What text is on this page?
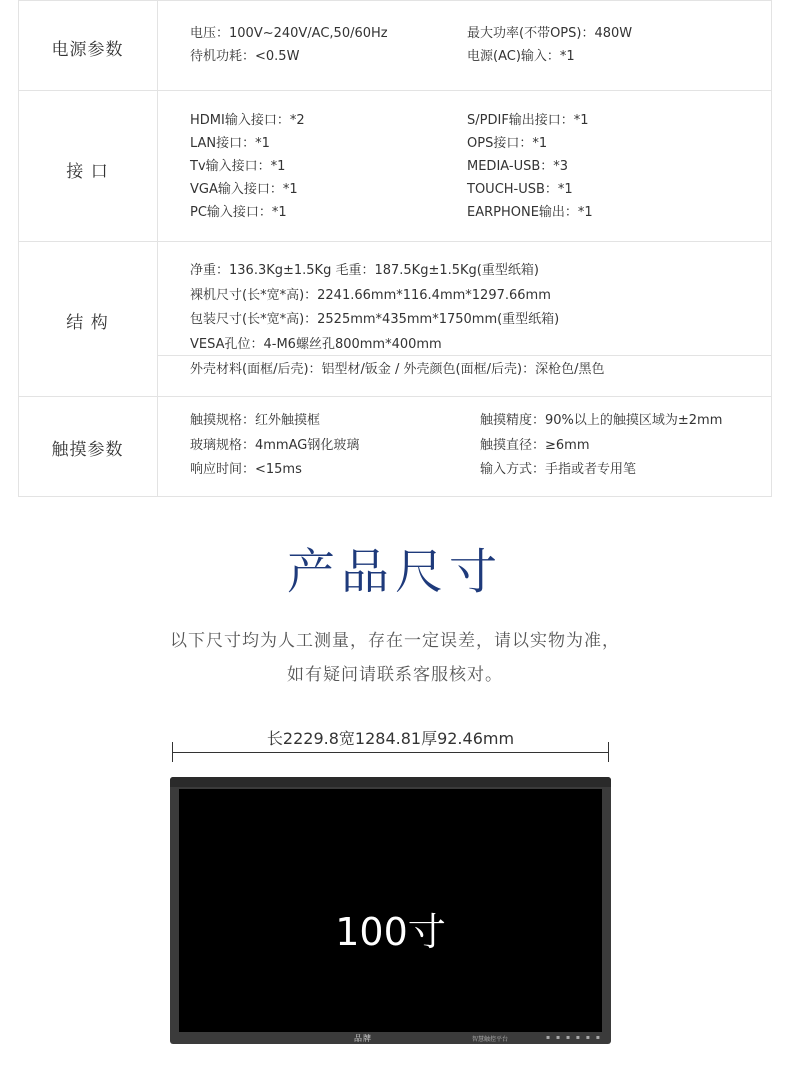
电源参数
电压：100V~240V/AC,50/60Hz
待机功耗：<0.5W
最大功率(不带OPS)：480W
电源(AC)输入：*1
接 口
HDMI输入接口：*2
LAN接口：*1
Tv输入接口：*1
VGA输入接口：*1
PC输入接口：*1
S/PDIF输出接口：*1
OPS接口：*1
MEDIA-USB：*3
TOUCH-USB：*1
EARPHONE输出：*1
结 构
净重：136.3Kg±1.5Kg 毛重：187.5Kg±1.5Kg(重型纸箱)
裸机尺寸(长*宽*高)：2241.66mm*116.4mm*1297.66mm
包装尺寸(长*宽*高)：2525mm*435mm*1750mm(重型纸箱)
VESA孔位：4-M6螺丝孔800mm*400mm
外壳材料(面框/后壳)：铝型材/钣金 / 外壳颜色(面框/后壳)：深枪色/黑色
触摸参数
触摸规格：红外触摸框
玻璃规格：4mmAG钢化玻璃
响应时间：<15ms
触摸精度：90%以上的触摸区域为±2mm
触摸直径：≥6mm
输入方式：手指或者专用笔
产品尺寸
以下尺寸均为人工测量，存在一定误差，请以实物为准，
如有疑问请联系客服核对。
长2229.8宽1284.81厚92.46mm
100寸
品牌	智慧触控平台	▪ ▪ ▪ ▪ ▪ ▪
